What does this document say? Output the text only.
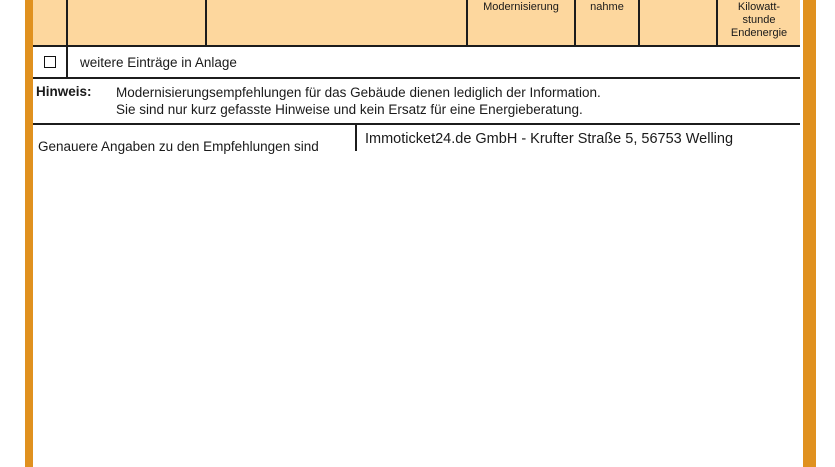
Modernisierung	nahme	Kilowatt-
stunde
Endenergie
weitere Einträge in Anlage
Hinweis:	Modernisierungsempfehlungen für das Gebäude dienen lediglich der Information.
Sie sind nur kurz gefasste Hinweise und kein Ersatz für eine Energieberatung.
Genauere Angaben zu den Empfehlungen sind	Immoticket24.de GmbH - Krufter Straße 5, 56753 Welling
